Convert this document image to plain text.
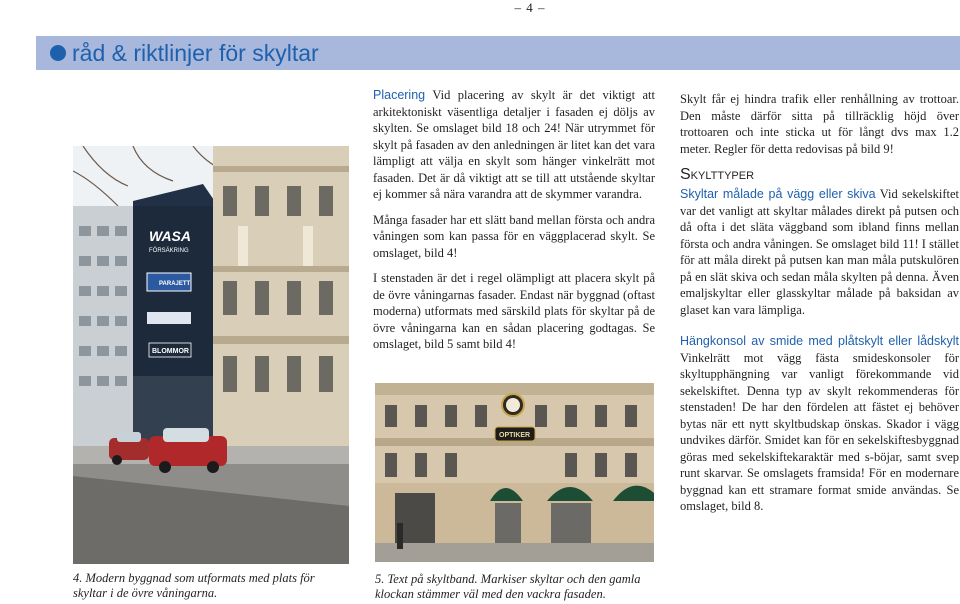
– 4 –
råd & riktlinjer för skyltar
WASA
FÖRSÄKRING
PARAJETT
BLOMMOR
OPTIKER
4. Modern byggnad som utformats med plats för skyltar i de övre våningarna.
5. Text på skyltband. Markiser skyltar och den gamla klockan stämmer väl med den vackra fasaden.

Placering Vid placering av skylt är det viktigt att arkitektoniskt väsentliga detaljer i fasaden ej döljs av skylten. Se omslaget bild 18 och 24! När utrymmet för skylt på fasaden av den anledningen är litet kan det vara lämpligt att välja en skylt som hänger vinkelrätt mot fasaden. Det är då viktigt att se till att utstående skyltar ej kommer så nära varandra att de skymmer varandra.

Många fasader har ett slätt band mellan första och andra våningen som kan passa för en väggplacerad skylt. Se omslaget, bild 4!

I stenstaden är det i regel olämpligt att placera skylt på de övre våningarnas fasader. Endast när byggnad (oftast moderna) utformats med särskild plats för skyltar på de övre våningarna kan en sådan placering godtagas. Se omslaget, bild 5 samt bild 4!

Skylt får ej hindra trafik eller renhållning av trottoar. Den måste därför sitta på tillräcklig höjd över trottoaren och inte sticka ut för långt dvs max 1.2 meter. Regler för detta redovisas på bild 9!

Skylttyper

Skyltar målade på vägg eller skiva Vid sekelskiftet var det vanligt att skyltar målades direkt på putsen och då ofta i det släta väggband som ibland finns mellan första och andra våningen. Se omslaget bild 11! I stället för att måla direkt på putsen kan man måla putskulören på en slät skiva och sedan måla skylten på denna. Även emaljskyltar eller glasskyltar målade på baksidan av glaset kan vara lämpliga.

Hängkonsol av smide med plåtskylt eller lådskylt Vinkelrätt mot vägg fästa smideskonsoler för skyltupphängning var vanligt förekommande vid sekelskiftet. Denna typ av skylt rekommenderas för stenstaden! De har den fördelen att fästet ej behöver bytas när ett nytt skyltbudskap önskas. Skador i vägg undvikes därför. Smidet kan för en sekelskiftesbyggnad göras med sekelskiftekaraktär med s-böjar, samt svep runt skarvar. Se omslagets framsida! För en modernare byggnad kan ett stramare format smide användas. Se omslaget, bild 8.
